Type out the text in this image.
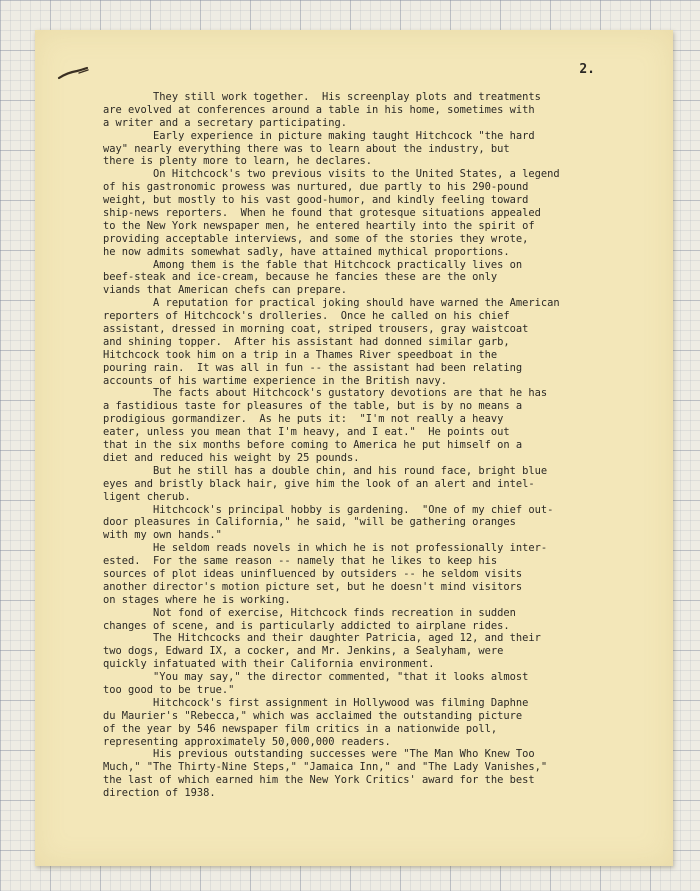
2.
They still work together.  His screenplay plots and treatments
are evolved at conferences around a table in his home, sometimes with
a writer and a secretary participating.
Early experience in picture making taught Hitchcock "the hard
way" nearly everything there was to learn about the industry, but
there is plenty more to learn, he declares.
On Hitchcock's two previous visits to the United States, a legend
of his gastronomic prowess was nurtured, due partly to his 290-pound
weight, but mostly to his vast good-humor, and kindly feeling toward
ship-news reporters.  When he found that grotesque situations appealed
to the New York newspaper men, he entered heartily into the spirit of
providing acceptable interviews, and some of the stories they wrote,
he now admits somewhat sadly, have attained mythical proportions.
Among them is the fable that Hitchcock practically lives on
beef-steak and ice-cream, because he fancies these are the only
viands that American chefs can prepare.
A reputation for practical joking should have warned the American
reporters of Hitchcock's drolleries.  Once he called on his chief
assistant, dressed in morning coat, striped trousers, gray waistcoat
and shining topper.  After his assistant had donned similar garb,
Hitchcock took him on a trip in a Thames River speedboat in the
pouring rain.  It was all in fun -- the assistant had been relating
accounts of his wartime experience in the British navy.
The facts about Hitchcock's gustatory devotions are that he has
a fastidious taste for pleasures of the table, but is by no means a
prodigious gormandizer.  As he puts it:  "I'm not really a heavy
eater, unless you mean that I'm heavy, and I eat."  He points out
that in the six months before coming to America he put himself on a
diet and reduced his weight by 25 pounds.
But he still has a double chin, and his round face, bright blue
eyes and bristly black hair, give him the look of an alert and intel-
ligent cherub.
Hitchcock's principal hobby is gardening.  "One of my chief out-
door pleasures in California," he said, "will be gathering oranges
with my own hands."
He seldom reads novels in which he is not professionally inter-
ested.  For the same reason -- namely that he likes to keep his
sources of plot ideas uninfluenced by outsiders -- he seldom visits
another director's motion picture set, but he doesn't mind visitors
on stages where he is working.
Not fond of exercise, Hitchcock finds recreation in sudden
changes of scene, and is particularly addicted to airplane rides.
The Hitchcocks and their daughter Patricia, aged 12, and their
two dogs, Edward IX, a cocker, and Mr. Jenkins, a Sealyham, were
quickly infatuated with their California environment.
"You may say," the director commented, "that it looks almost
too good to be true."
Hitchcock's first assignment in Hollywood was filming Daphne
du Maurier's "Rebecca," which was acclaimed the outstanding picture
of the year by 546 newspaper film critics in a nationwide poll,
representing approximately 50,000,000 readers.
His previous outstanding successes were "The Man Who Knew Too
Much," "The Thirty-Nine Steps," "Jamaica Inn," and "The Lady Vanishes,"
the last of which earned him the New York Critics' award for the best
direction of 1938.
